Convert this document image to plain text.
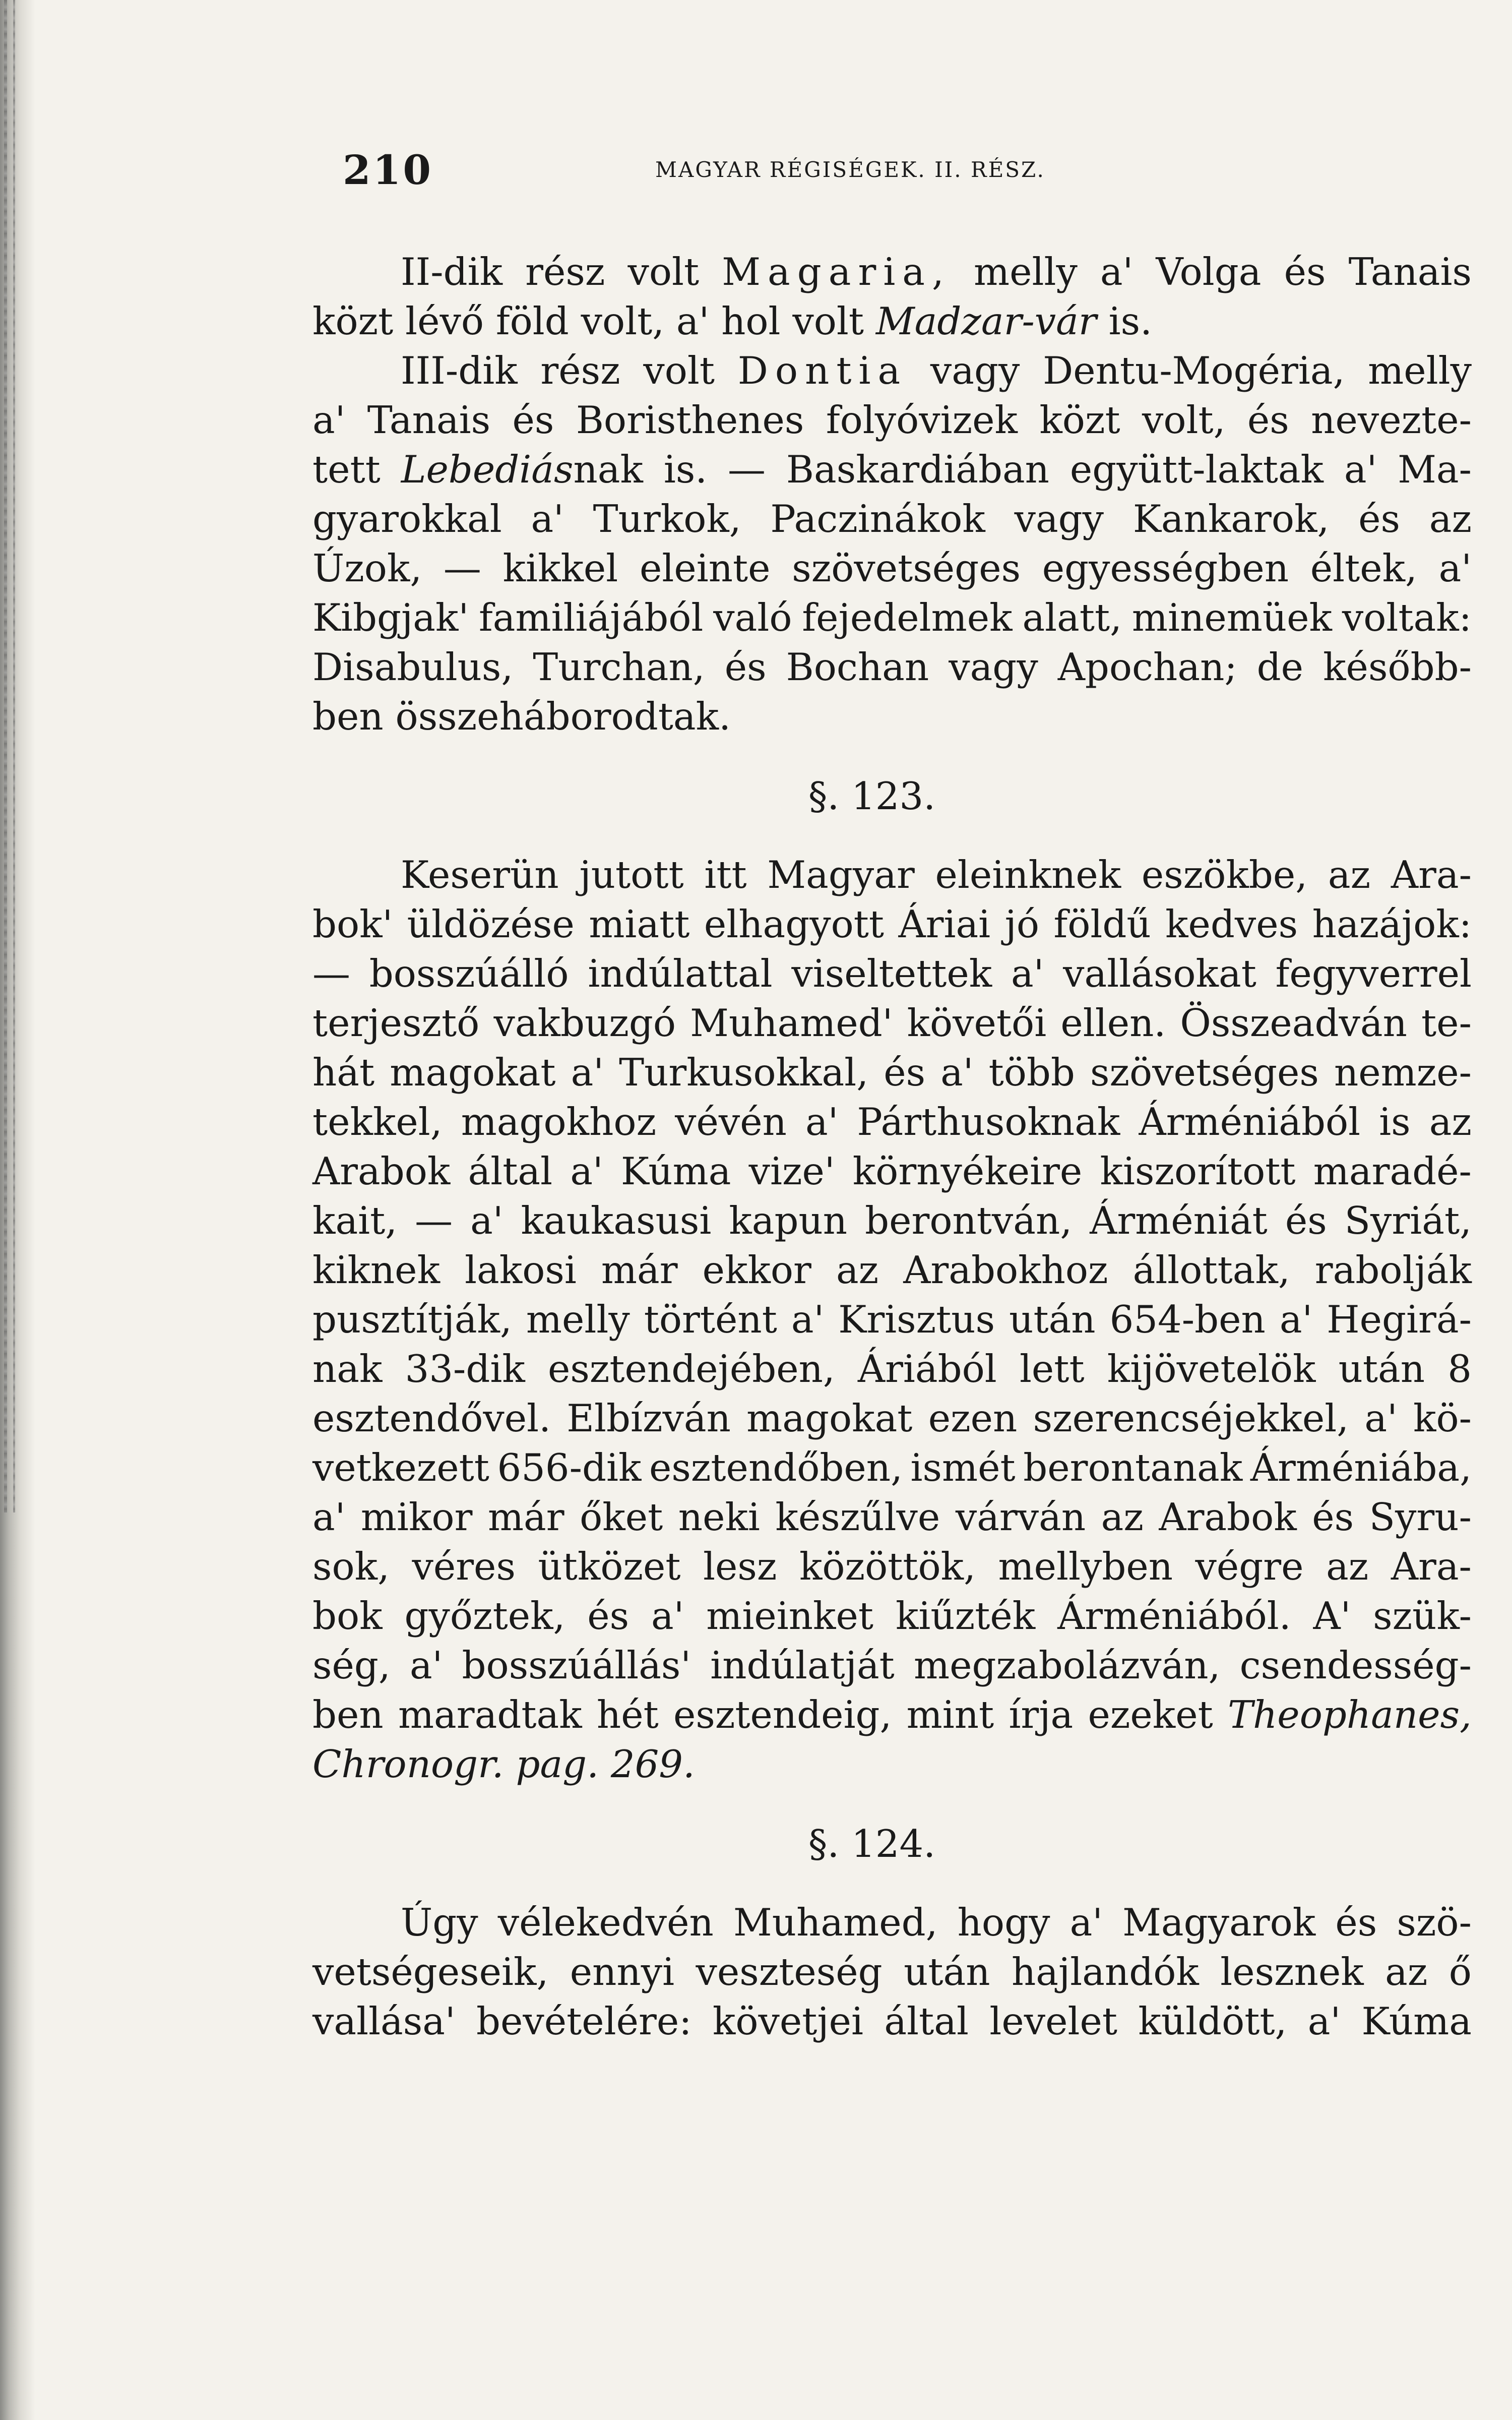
210	MAGYAR RÉGISÉGEK. II. RÉSZ.
II-dik rész volt Magaria, melly a' Volga és Tanais
közt lévő föld volt, a' hol volt Madzar-vár is.
III-dik rész volt Dontia vagy Dentu-Mogéria, melly
a' Tanais és Boristhenes folyóvizek közt volt, és nevezte-
tett Lebediásnak is. — Baskardiában együtt-laktak a' Ma-
gyarokkal a' Turkok, Paczinákok vagy Kankarok, és az
Úzok, — kikkel eleinte szövetséges egyességben éltek, a'
Kibgjak' familiájából való fejedelmek alatt, minemüek voltak:
Disabulus, Turchan, és Bochan vagy Apochan; de később-
ben összeháborodtak.
§. 123.
Keserün jutott itt Magyar eleinknek eszökbe, az Ara-
bok' üldözése miatt elhagyott Áriai jó földű kedves hazájok:
— bosszúálló indúlattal viseltettek a' vallásokat fegyverrel
terjesztő vakbuzgó Muhamed' követői ellen. Összeadván te-
hát magokat a' Turkusokkal, és a' több szövetséges nemze-
tekkel, magokhoz vévén a' Párthusoknak Árméniából is az
Arabok által a' Kúma vize' környékeire kiszorított maradé-
kait, — a' kaukasusi kapun berontván, Árméniát és Syriát,
kiknek lakosi már ekkor az Arabokhoz állottak, rabolják
pusztítják, melly történt a' Krisztus után 654-ben a' Hegirá-
nak 33-dik esztendejében, Áriából lett kijövetelök után 8
esztendővel. Elbízván magokat ezen szerencséjekkel, a' kö-
vetkezett 656-dik esztendőben, ismét berontanak Árméniába,
a' mikor már őket neki készűlve várván az Arabok és Syru-
sok, véres ütközet lesz közöttök, mellyben végre az Ara-
bok győztek, és a' mieinket kiűzték Árméniából. A' szük-
ség, a' bosszúállás' indúlatját megzabolázván, csendesség-
ben maradtak hét esztendeig, mint írja ezeket Theophanes,
Chronogr. pag. 269.
§. 124.
Úgy vélekedvén Muhamed, hogy a' Magyarok és szö-
vetségeseik, ennyi veszteség után hajlandók lesznek az ő
vallása' bevételére: követjei által levelet küldött, a' Kúma
